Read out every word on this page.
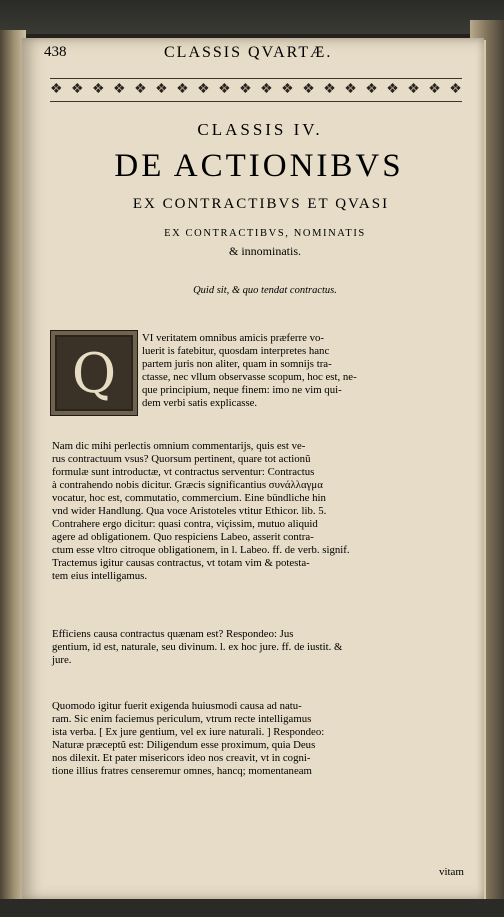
438	CLASSIS QVARTÆ.
❖ ❖ ❖ ❖ ❖ ❖ ❖ ❖ ❖ ❖ ❖ ❖ ❖ ❖ ❖ ❖ ❖ ❖ ❖ ❖
CLASSIS IV.
DE ACTIONIBVS
EX CONTRACTIBVS ET QVASI
EX CONTRACTIBVS, NOMINATIS
& innominatis.
Quid sit, & quo tendat contractus.
Q
VI veritatem omnibus amicis præferre vo-
luerit is fatebitur, quosdam interpretes hanc
partem juris non aliter, quam in somnijs tra-
ctasse, nec vllum observasse scopum, hoc est, ne-
que principium, neque finem: imo ne vim qui-
dem verbi satis explicasse.
Nam dic mihi perlectis omnium commentarijs, quis est ve-
rus contractuum vsus? Quorsum pertinent, quare tot actionũ
formulæ sunt introductæ, vt contractus serventur: Contractus
à contrahendo nobis dicitur. Græcis significantius συνάλλαγμα
vocatur, hoc est, commutatio, commercium. Eine bündliche hin
vnd wider Handlung. Qua voce Aristoteles vtitur Ethicor. lib. 5.
Contrahere ergo dicitur: quasi contra, viçissim, mutuo aliquid
agere ad obligationem. Quo respiciens Labeo, asserit contra-
ctum esse vltro citroque obligationem, in l. Labeo. ff. de verb. signif.
Tractemus igitur causas contractus, vt totam vim & potesta-
tem eius intelligamus.
Efficiens causa contractus quænam est? Respondeo: Jus
gentium, id est, naturale, seu divinum. l. ex hoc jure. ff. de iustit. &
jure.
Quomodo igitur fuerit exigenda huiusmodi causa ad natu-
ram. Sic enim faciemus periculum, vtrum recte intelligamus
ista verba. [ Ex jure gentium, vel ex iure naturali. ] Respondeo:
Naturæ præceptũ est: Diligendum esse proximum, quia Deus
nos dilexit. Et pater misericors ideo nos creavit, vt in cogni-
tione illius fratres censeremur omnes, hancq; momentaneam
vitam
